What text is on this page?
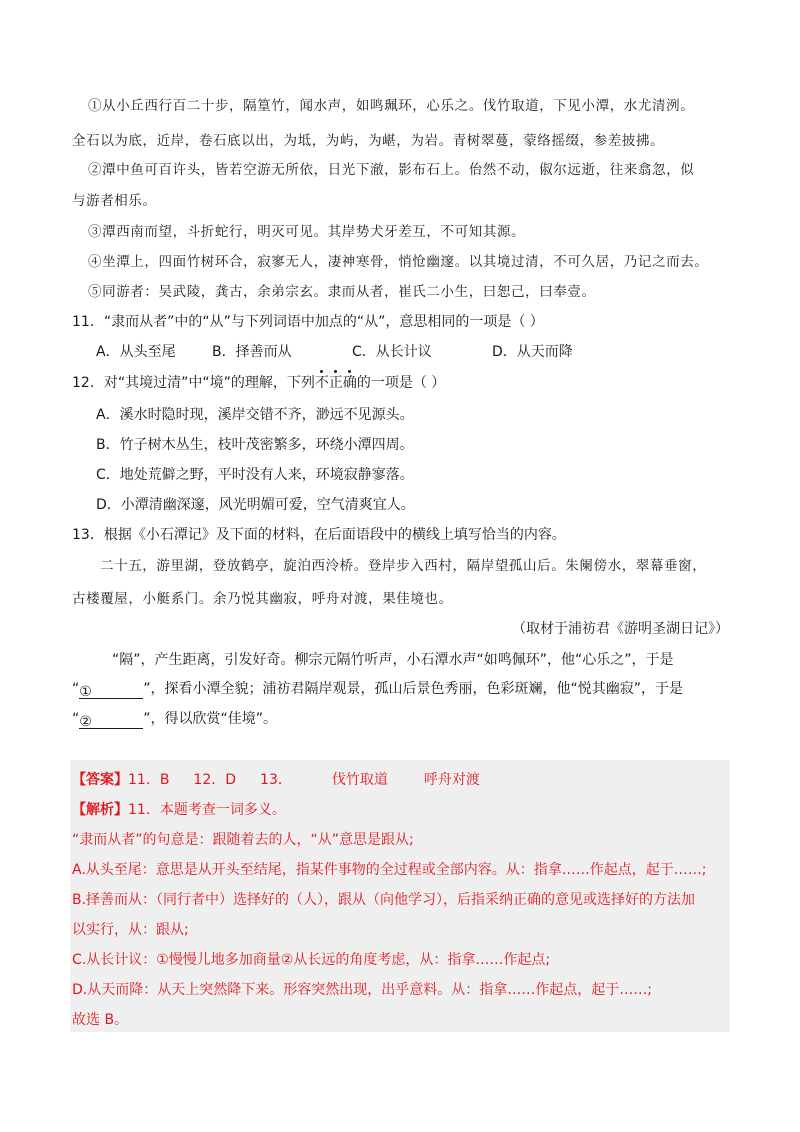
①从小丘西行百二十步，隔篁竹，闻水声，如鸣珮环，心乐之。伐竹取道，下见小潭，水尤清洌。
全石以为底，近岸，卷石底以出，为坻，为屿，为嵁，为岩。青树翠蔓，蒙络摇缀，参差披拂。
②潭中鱼可百许头，皆若空游无所依，日光下澈，影布石上。佁然不动，俶尔远逝，往来翕忽，似
与游者相乐。
③潭西南而望，斗折蛇行，明灭可见。其岸势犬牙差互，不可知其源。
④坐潭上，四面竹树环合，寂寥无人，凄神寒骨，悄怆幽邃。以其境过清，不可久居，乃记之而去。
⑤同游者：吴武陵，龚古，余弟宗玄。隶而从者，崔氏二小生，曰恕己，曰奉壹。
11．“隶而从者”中的“从”与下列词语中加点的“从”，意思相同的一项是（ ）
A．从头至尾	B．择善而从	C．从长计议	D．从天而降
12．对“其境过清”中“境”的理解，下列不正确的一项是（ ）
A．溪水时隐时现，溪岸交错不齐，渺远不见源头。
B．竹子树木丛生，枝叶茂密繁多，环绕小潭四周。
C．地处荒僻之野，平时没有人来，环境寂静寥落。
D．小潭清幽深邃，风光明媚可爱，空气清爽宜人。
13．根据《小石潭记》及下面的材料，在后面语段中的横线上填写恰当的内容。
二十五，游里湖，登放鹤亭，旋泊西泠桥。登岸步入西村，隔岸望孤山后。朱阑傍水，翠幕垂窗，
古楼覆屋，小艇系门。余乃悦其幽寂，呼舟对渡，果佳境也。
（取材于浦祊君《游明圣湖日记》）
“隔”，产生距离，引发好奇。柳宗元隔竹听声，小石潭水声“如鸣佩环”，他“心乐之”，于是
“①	”，探看小潭全貌；浦祊君隔岸观景，孤山后景色秀丽，色彩斑斓，他“悦其幽寂”，于是
“②	”，得以欣赏“佳境”。
【答案】11．B 12．D 13．	伐竹取道	呼舟对渡
【解析】11．本题考查一词多义。
“隶而从者”的句意是：跟随着去的人，“从”意思是跟从;
A.从头至尾：意思是从开头至结尾，指某件事物的全过程或全部内容。从：指拿……作起点，起于……;
B.择善而从：（同行者中）选择好的（人），跟从（向他学习），后指采纳正确的意见或选择好的方法加
以实行，从：跟从;
C.从长计议：①慢慢儿地多加商量②从长远的角度考虑，从：指拿……作起点;
D.从天而降：从天上突然降下来。形容突然出现，出乎意料。从：指拿……作起点，起于……;
故选 B。
